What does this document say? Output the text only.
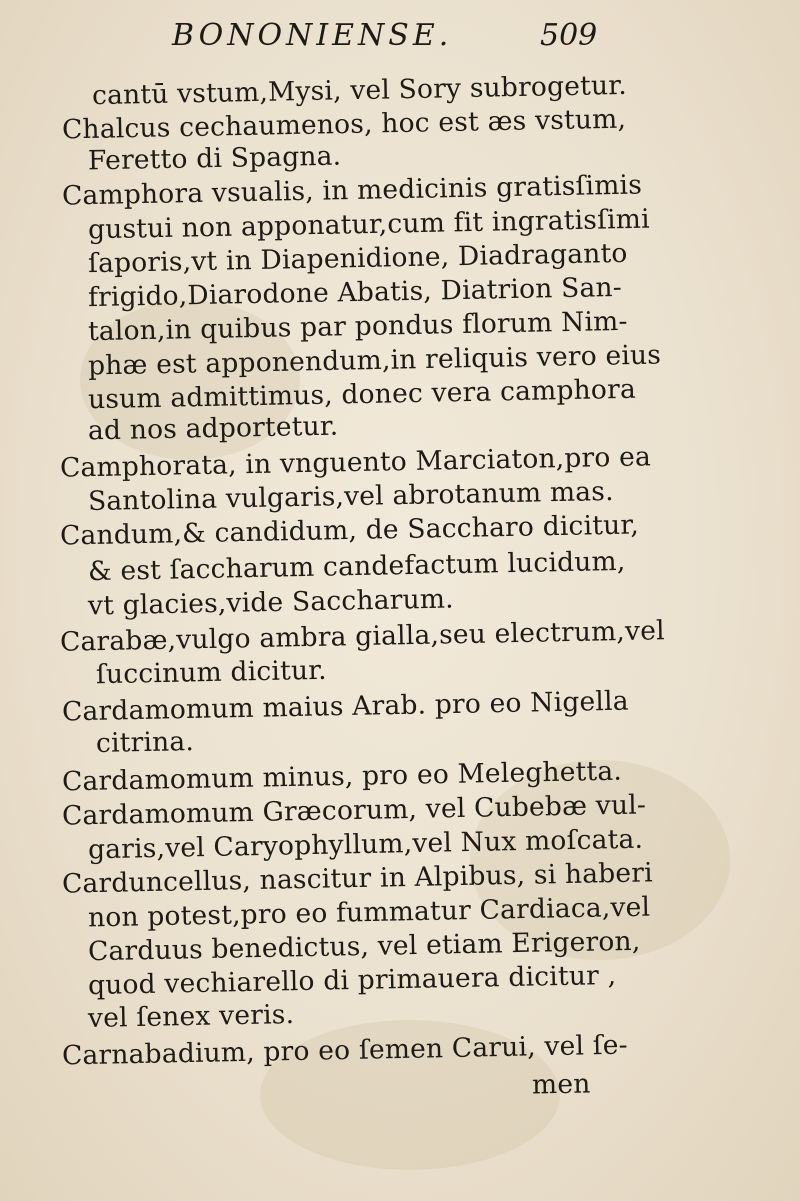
BONONIENSE.	509
cantū vstum,Mysi, vel Sory subrogetur.
Chalcus cechaumenos, hoc est æs vstum,
Feretto di Spagna.
Camphora vsualis, in medicinis gratisſimis
gustui non apponatur,cum fit ingratisſimi
ſaporis,vt in Diapenidione, Diadraganto
frigido,Diarodone Abatis, Diatrion San-
talon,in quibus par pondus florum Nim-
phæ est apponendum,in reliquis vero eius
usum admittimus, donec vera camphora
ad nos adportetur.
Camphorata, in vnguento Marciaton,pro ea
Santolina vulgaris,vel abrotanum mas.
Candum,& candidum, de Saccharo dicitur,
& est ſaccharum candefactum lucidum,
vt glacies,vide Saccharum.
Carabæ,vulgo ambra gialla,seu electrum,vel
ſuccinum dicitur.
Cardamomum maius Arab. pro eo Nigella
citrina.
Cardamomum minus, pro eo Meleghetta.
Cardamomum Græcorum, vel Cubebæ vul-
garis,vel Caryophyllum,vel Nux moſcata.
Carduncellus, nascitur in Alpibus, si haberi
non potest,pro eo fummatur Cardiaca,vel
Carduus benedictus, vel etiam Erigeron,
quod vechiarello di primauera dicitur ,
vel ſenex veris.
Carnabadium, pro eo ſemen Carui, vel ſe-
men
